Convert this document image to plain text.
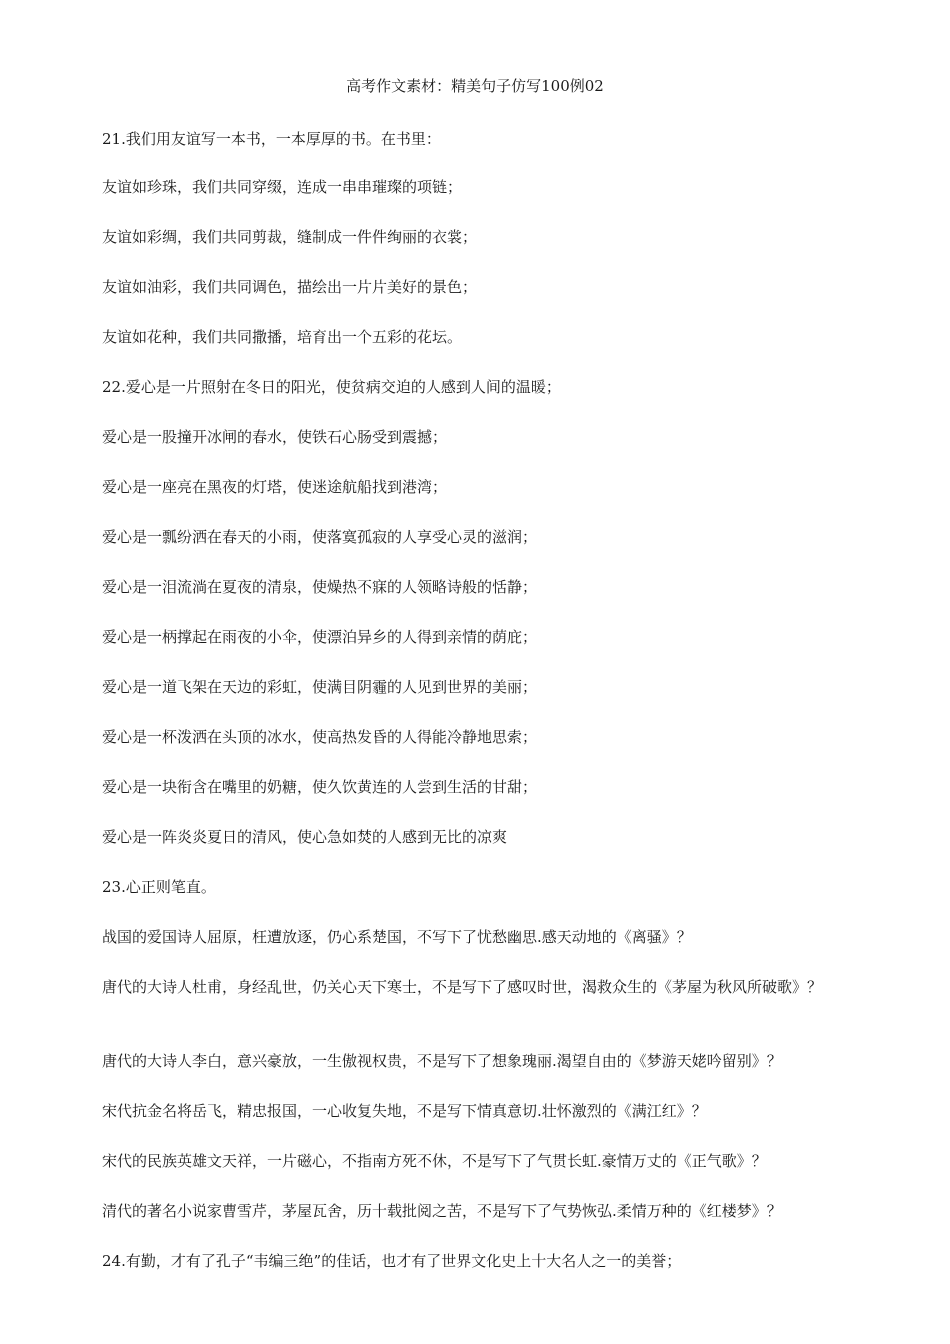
高考作文素材：精美句子仿写100例02
21.我们用友谊写一本书，一本厚厚的书。在书里：
友谊如珍珠，我们共同穿缀，连成一串串璀璨的项链；
友谊如彩绸，我们共同剪裁，缝制成一件件绚丽的衣裳；
友谊如油彩，我们共同调色，描绘出一片片美好的景色；
友谊如花种，我们共同撒播，培育出一个五彩的花坛。
22.爱心是一片照射在冬日的阳光，使贫病交迫的人感到人间的温暖；
爱心是一股撞开冰闸的春水，使铁石心肠受到震撼；
爱心是一座亮在黑夜的灯塔，使迷途航船找到港湾；
爱心是一瓢纷洒在春天的小雨，使落寞孤寂的人享受心灵的滋润；
爱心是一泪流淌在夏夜的清泉，使燥热不寐的人领略诗般的恬静；
爱心是一柄撑起在雨夜的小伞，使漂泊异乡的人得到亲情的荫庇；
爱心是一道飞架在天边的彩虹，使满目阴霾的人见到世界的美丽；
爱心是一杯泼洒在头顶的冰水，使高热发昏的人得能冷静地思索；
爱心是一块衔含在嘴里的奶糖，使久饮黄连的人尝到生活的甘甜；
爱心是一阵炎炎夏日的清风，使心急如焚的人感到无比的凉爽
23.心正则笔直。
战国的爱国诗人屈原，枉遭放逐，仍心系楚国，不写下了忧愁幽思.感天动地的《离骚》？
唐代的大诗人杜甫，身经乱世，仍关心天下寒士，不是写下了感叹时世，渴救众生的《茅屋为秋风所破歌》？
唐代的大诗人李白，意兴豪放，一生傲视权贵，不是写下了想象瑰丽.渴望自由的《梦游天姥吟留别》？
宋代抗金名将岳飞，精忠报国，一心收复失地，不是写下情真意切.壮怀激烈的《满江红》？
宋代的民族英雄文天祥，一片磁心，不指南方死不休，不是写下了气贯长虹.豪情万丈的《正气歌》？
清代的著名小说家曹雪芹，茅屋瓦舍，历十载批阅之苦，不是写下了气势恢弘.柔情万种的《红楼梦》？
24.有勤，才有了孔子“韦编三绝”的佳话，也才有了世界文化史上十大名人之一的美誉；
